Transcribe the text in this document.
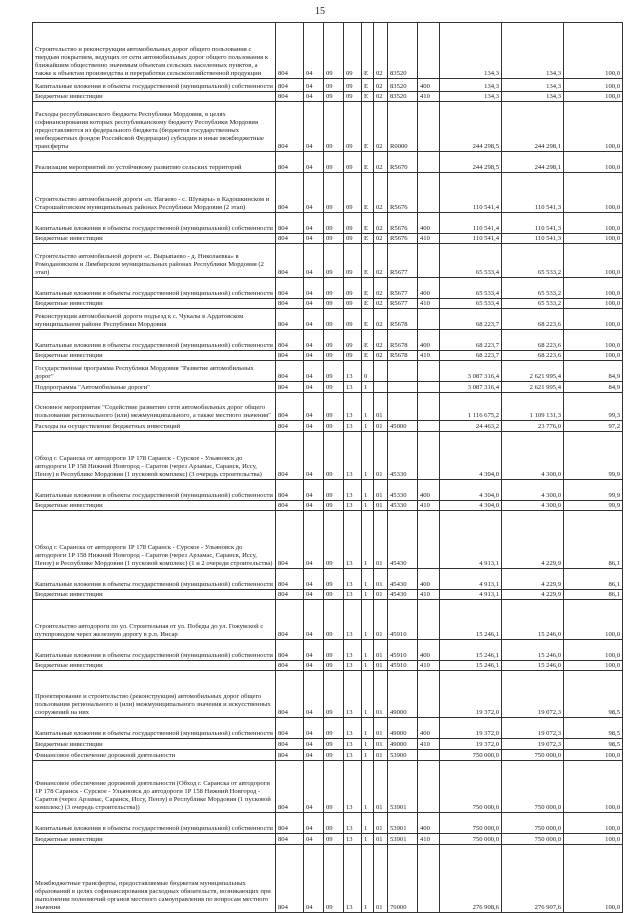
15
Строительство и реконструкция автомобильных дорог общего пользования с твердым покрытием, ведущих от сети автомобильных дорог общего пользования к ближайшим общественно значимым объектам сельских населенных пунктов, а также к объектам производства и переработки сельскохозяйственной продукции	804	04	09	09	Е	02	83520		134,3	134,3	100,0
Капитальные вложения в объекты государственной (муниципальной) собственности	804	04	09	09	Е	02	83520	400	134,3	134,3	100,0
Бюджетные инвестиции	804	04	09	09	Е	02	83520	410	134,3	134,3	100,0
Расходы республиканского бюджета Республики Мордовия, в целях софинансирования которых республиканскому бюджету Республики Мордовия предоставляются из федерального бюджета (бюджетов государственных внебюджетных фондов Российской Федерации) субсидии и иные межбюджетные трансферты	804	04	09	09	Е	02	R0000		244 298,5	244 298,1	100,0
Реализация мероприятий по устойчивому развитию сельских территорий	804	04	09	09	Е	02	R5670		244 298,5	244 298,1	100,0
Строительство автомобильной дороги «п. Нагаево - с. Шувары» в Кадошкинском и Старошайговском муниципальных районах Республики Мордовия (2 этап)	804	04	09	09	Е	02	R5676		110 541,4	110 541,3	100,0
Капитальные вложения в объекты государственной (муниципальной) собственности	804	04	09	09	Е	02	R5676	400	110 541,4	110 541,3	100,0
Бюджетные инвестиции	804	04	09	09	Е	02	R5676	410	110 541,4	110 541,3	100,0
Строительство автомобильной дороги «с. Вырыпаево - д. Николаевка» в Ромодановском и Лямбирском муниципальных районах Республики Мордовия (2 этап)	804	04	09	09	Е	02	R5677		65 533,4	65 533,2	100,0
Капитальные вложения в объекты государственной (муниципальной) собственности	804	04	09	09	Е	02	R5677	400	65 533,4	65 533,2	100,0
Бюджетные инвестиции	804	04	09	09	Е	02	R5677	410	65 533,4	65 533,2	100,0
Реконструкция автомобильной дороги подъезд к с. Чукалы в Ардатовском муниципальном районе Республики Мордовия	804	04	09	09	Е	02	R5678		68 223,7	68 223,6	100,0
Капитальные вложения в объекты государственной (муниципальной) собственности	804	04	09	09	Е	02	R5678	400	68 223,7	68 223,6	100,0
Бюджетные инвестиции	804	04	09	09	Е	02	R5678	410	68 223,7	68 223,6	100,0
Государственная программа Республики Мордовия "Развитие автомобильных дорог"	804	04	09	13	0				3 087 316,4	2 621 995,4	84,9
Подпрограмма "Автомобильные дороги"	804	04	09	13	1				3 087 316,4	2 621 995,4	84,9
Основное мероприятие "Содействие развитию сети автомобильных дорог общего пользования регионального (или) межмуниципального, а также местного значения"	804	04	09	13	1	01			1 116 675,2	1 109 131,3	99,3
Расходы на осуществление бюджетных инвестиций	804	04	09	13	1	01	45000		24 463,2	23 776,0	97,2
Обход г. Саранска от автодороги 1Р 178 Саранск - Сурское - Ульяновск до автодороги 1Р 158 Нижний Новгород - Саратов (через Арзамас, Саранск, Иссу, Пензу) в Республике Мордовия (1 пусковой комплекс) (3 очередь строительства)	804	04	09	13	1	01	45330		4 304,0	4 300,0	99,9
Капитальные вложения в объекты государственной (муниципальной) собственности	804	04	09	13	1	01	45330	400	4 304,0	4 300,0	99,9
Бюджетные инвестиции	804	04	09	13	1	01	45330	410	4 304,0	4 300,0	99,9
Обход г. Саранска от автодороги 1Р 178 Саранск - Сурское - Ульяновск до автодороги 1Р 158 Нижний Новгород - Саратов (через Арзамас, Саранск, Иссу, Пензу) в Республике Мордовия (1 пусковой комплекс) (1 и 2 очереди строительства)	804	04	09	13	1	01	45430		4 913,1	4 229,9	86,1
Капитальные вложения в объекты государственной (муниципальной) собственности	804	04	09	13	1	01	45430	400	4 913,1	4 229,9	86,1
Бюджетные инвестиции	804	04	09	13	1	01	45430	410	4 913,1	4 229,9	86,1
Строительство автодороги по ул. Строительная от ул. Победы до ул. Гожувской с путепроводом через железную дорогу в р.п. Инсар	804	04	09	13	1	01	45910		15 246,1	15 246,0	100,0
Капитальные вложения в объекты государственной (муниципальной) собственности	804	04	09	13	1	01	45910	400	15 246,1	15 246,0	100,0
Бюджетные инвестиции	804	04	09	13	1	01	45910	410	15 246,1	15 246,0	100,0
Проектирование и строительство (реконструкция) автомобильных дорог общего пользования регионального и (или) межмуниципального значения и искусственных сооружений на них	804	04	09	13	1	01	49000		19 372,0	19 072,3	98,5
Капитальные вложения в объекты государственной (муниципальной) собственности	804	04	09	13	1	01	49000	400	19 372,0	19 072,3	98,5
Бюджетные инвестиции	804	04	09	13	1	01	49000	410	19 372,0	19 072,3	98,5
Финансовое обеспечение дорожной деятельности	804	04	09	13	1	01	53900		750 000,0	750 000,0	100,0
Финансовое обеспечение дорожной деятельности (Обход г. Саранска от автодороги 1Р 178 Саранск - Сурское - Ульяновск до автодороги 1Р 158 Нижний Новгород - Саратов (через Арзамас, Саранск, Иссу, Пензу) в Республике Мордовия (1 пусковой комплекс) (3 очередь строительства))	804	04	09	13	1	01	53901		750 000,0	750 000,0	100,0
Капитальные вложения в объекты государственной (муниципальной) собственности	804	04	09	13	1	01	53901	400	750 000,0	750 000,0	100,0
Бюджетные инвестиции	804	04	09	13	1	01	53901	410	750 000,0	750 000,0	100,0
Межбюджетные трансферты, предоставляемые бюджетам муниципальных образований в целях софинансирования расходных обязательств, возникающих при выполнении полномочий органов местного самоуправления по вопросам местного значения	804	04	09	13	1	01	76000		276 908,6	276 907,6	100,0
